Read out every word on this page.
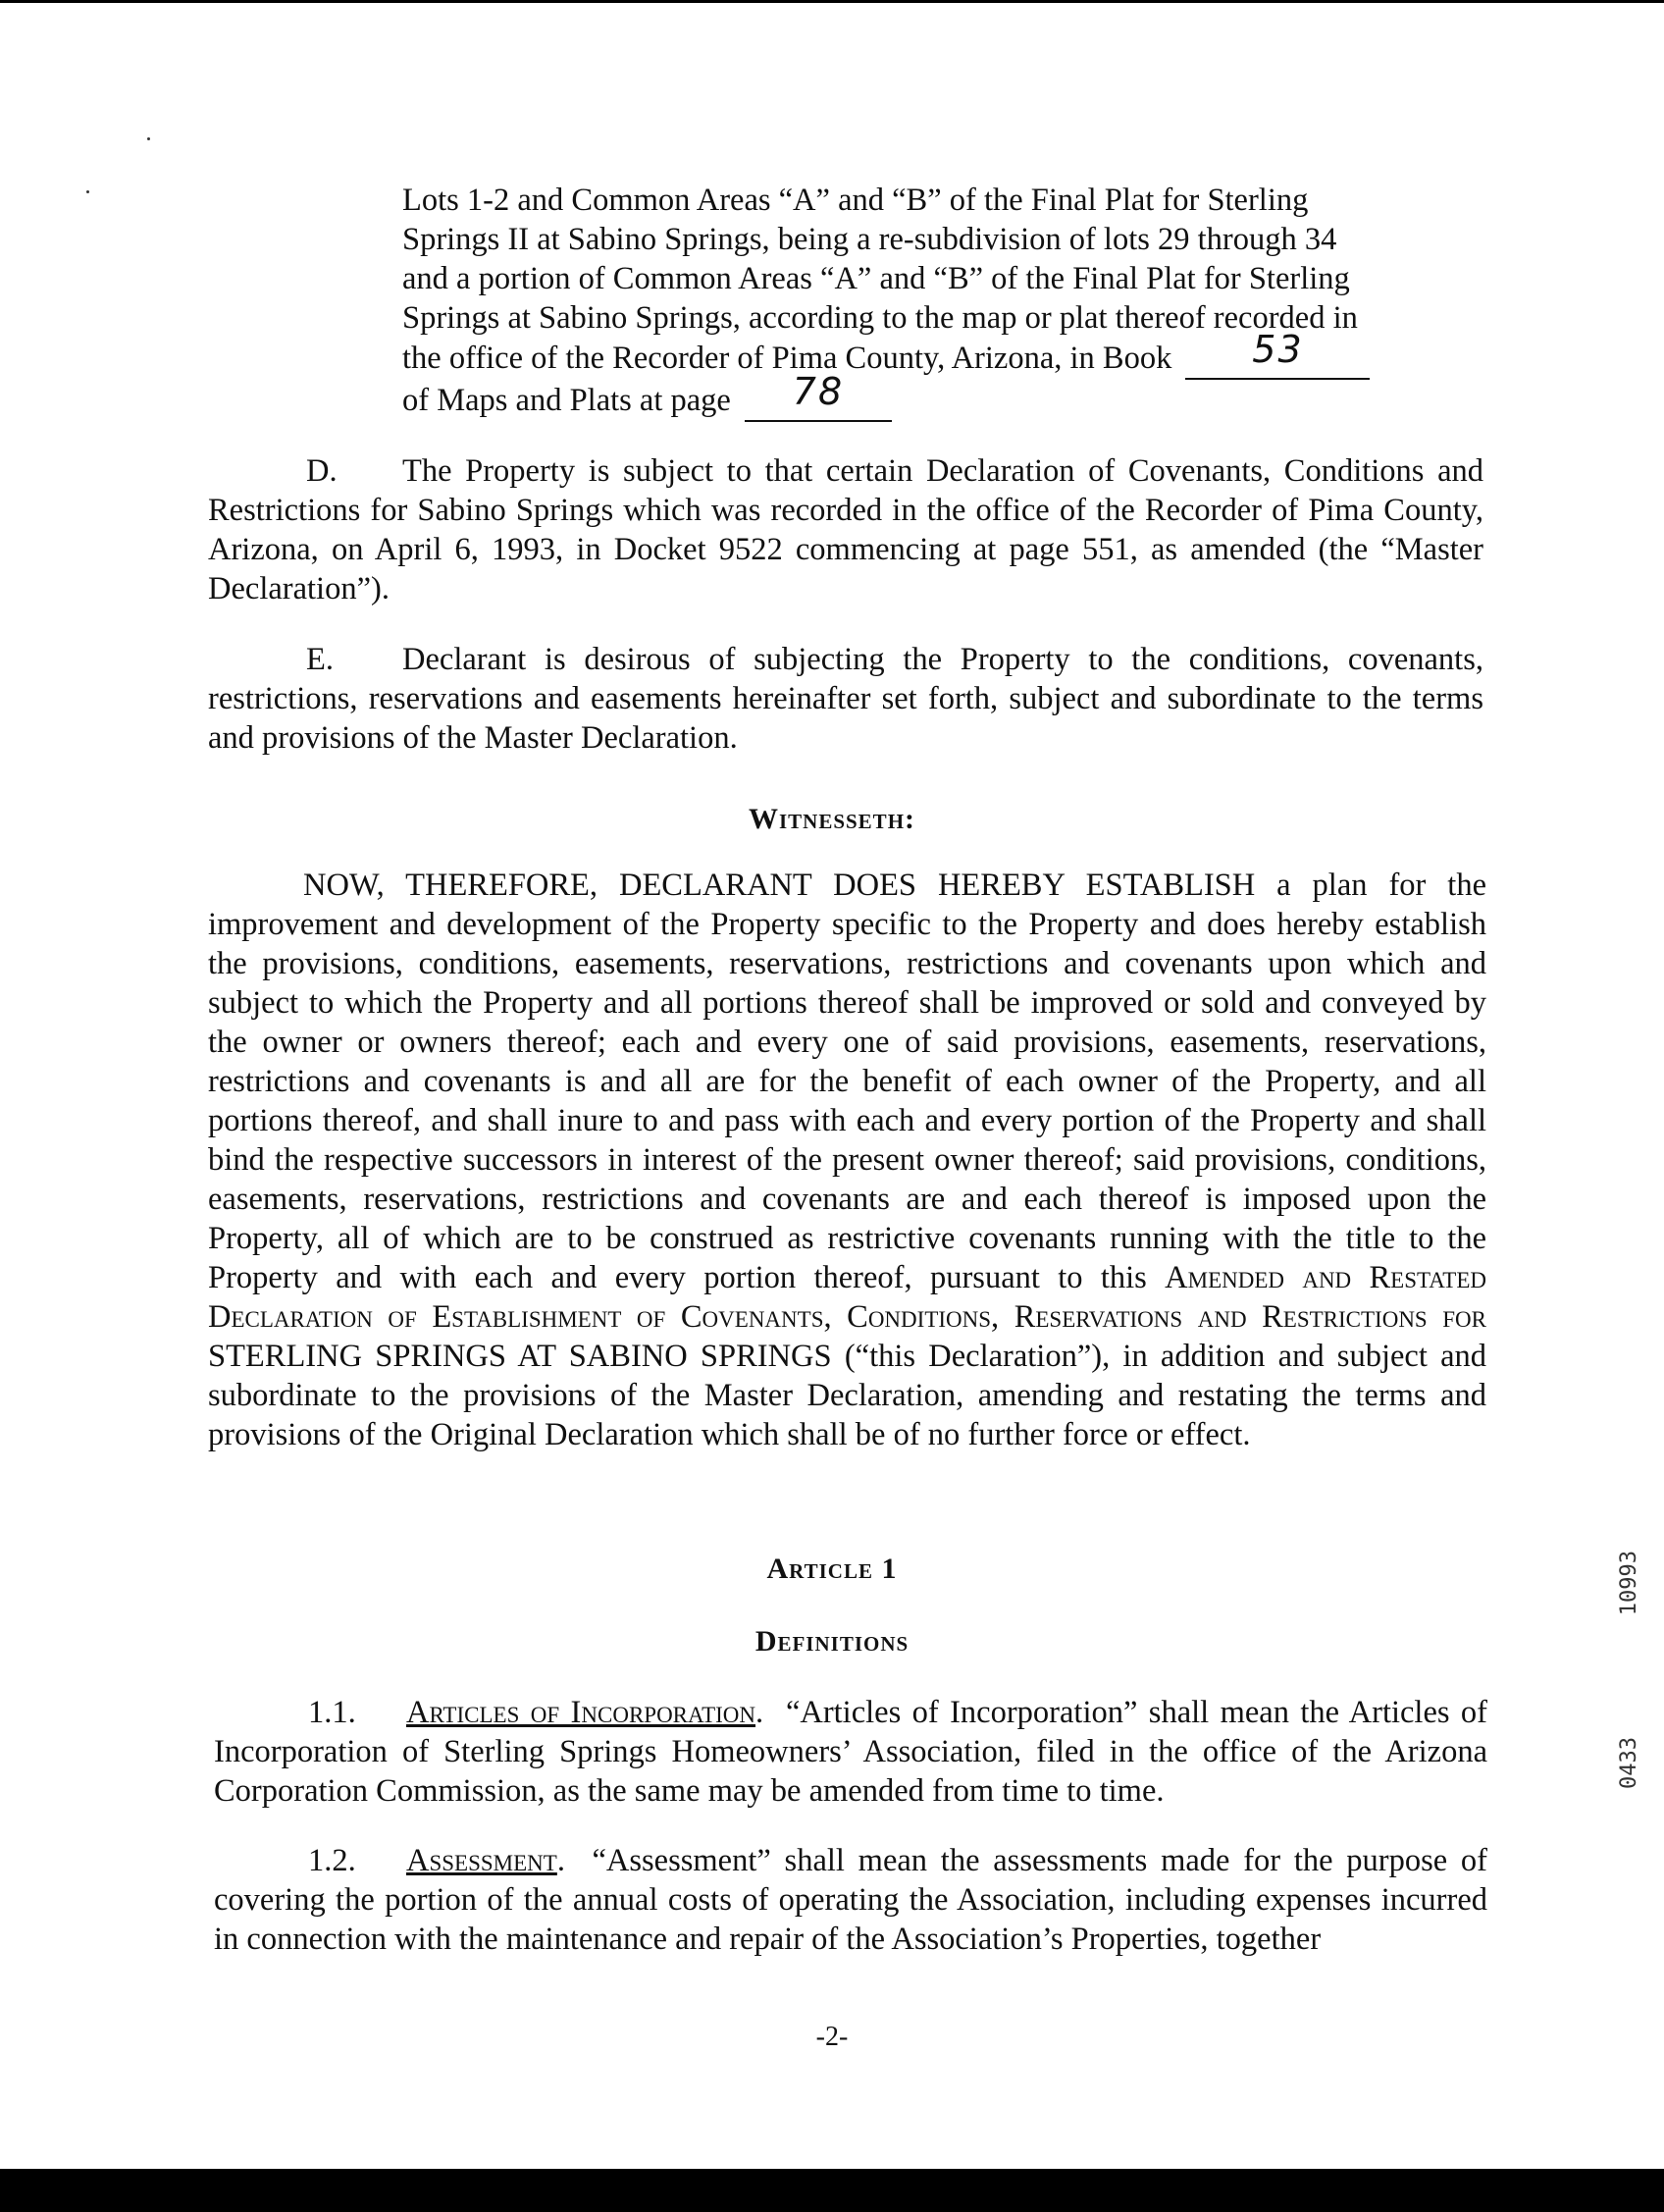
Lots 1-2 and Common Areas “A” and “B” of the Final Plat for Sterling
Springs II at Sabino Springs, being a re-subdivision of lots 29 through 34
and a portion of Common Areas “A” and “B” of the Final Plat for Sterling
Springs at Sabino Springs, according to the map or plat thereof recorded in
the office of the Recorder of Pima County, Arizona, in Book 53
of Maps and Plats at page 78
D. The Property is subject to that certain Declaration of Covenants, Conditions and Restrictions for Sabino Springs which was recorded in the office of the Recorder of Pima County, Arizona, on April 6, 1993, in Docket 9522 commencing at page 551, as amended (the “Master Declaration”).
E. Declarant is desirous of subjecting the Property to the conditions, covenants, restrictions, reservations and easements hereinafter set forth, subject and subordinate to the terms and provisions of the Master Declaration.
Witnesseth:
NOW, THEREFORE, DECLARANT DOES HEREBY ESTABLISH a plan for the improvement and development of the Property specific to the Property and does hereby establish the provisions, conditions, easements, reservations, restrictions and covenants upon which and subject to which the Property and all portions thereof shall be improved or sold and conveyed by the owner or owners thereof; each and every one of said provisions, easements, reservations, restrictions and covenants is and all are for the benefit of each owner of the Property, and all portions thereof, and shall inure to and pass with each and every portion of the Property and shall bind the respective successors in interest of the present owner thereof; said provisions, conditions, easements, reservations, restrictions and covenants are and each thereof is imposed upon the Property, all of which are to be construed as restrictive covenants running with the title to the Property and with each and every portion thereof, pursuant to this Amended and Restated Declaration of Establishment of Covenants, Conditions, Reservations and Restrictions for STERLING SPRINGS AT SABINO SPRINGS (“this Declaration”), in addition and subject and subordinate to the provisions of the Master Declaration, amending and restating the terms and provisions of the Original Declaration which shall be of no further force or effect.
Article 1
Definitions
1.1. Articles of Incorporation.  “Articles of Incorporation” shall mean the Articles of Incorporation of Sterling Springs Homeowners’ Association, filed in the office of the Arizona Corporation Commission, as the same may be amended from time to time.
1.2. Assessment.  “Assessment” shall mean the assessments made for the purpose of covering the portion of the annual costs of operating the Association, including expenses incurred in connection with the maintenance and repair of the Association’s Properties, together
-2-
10993
0433
